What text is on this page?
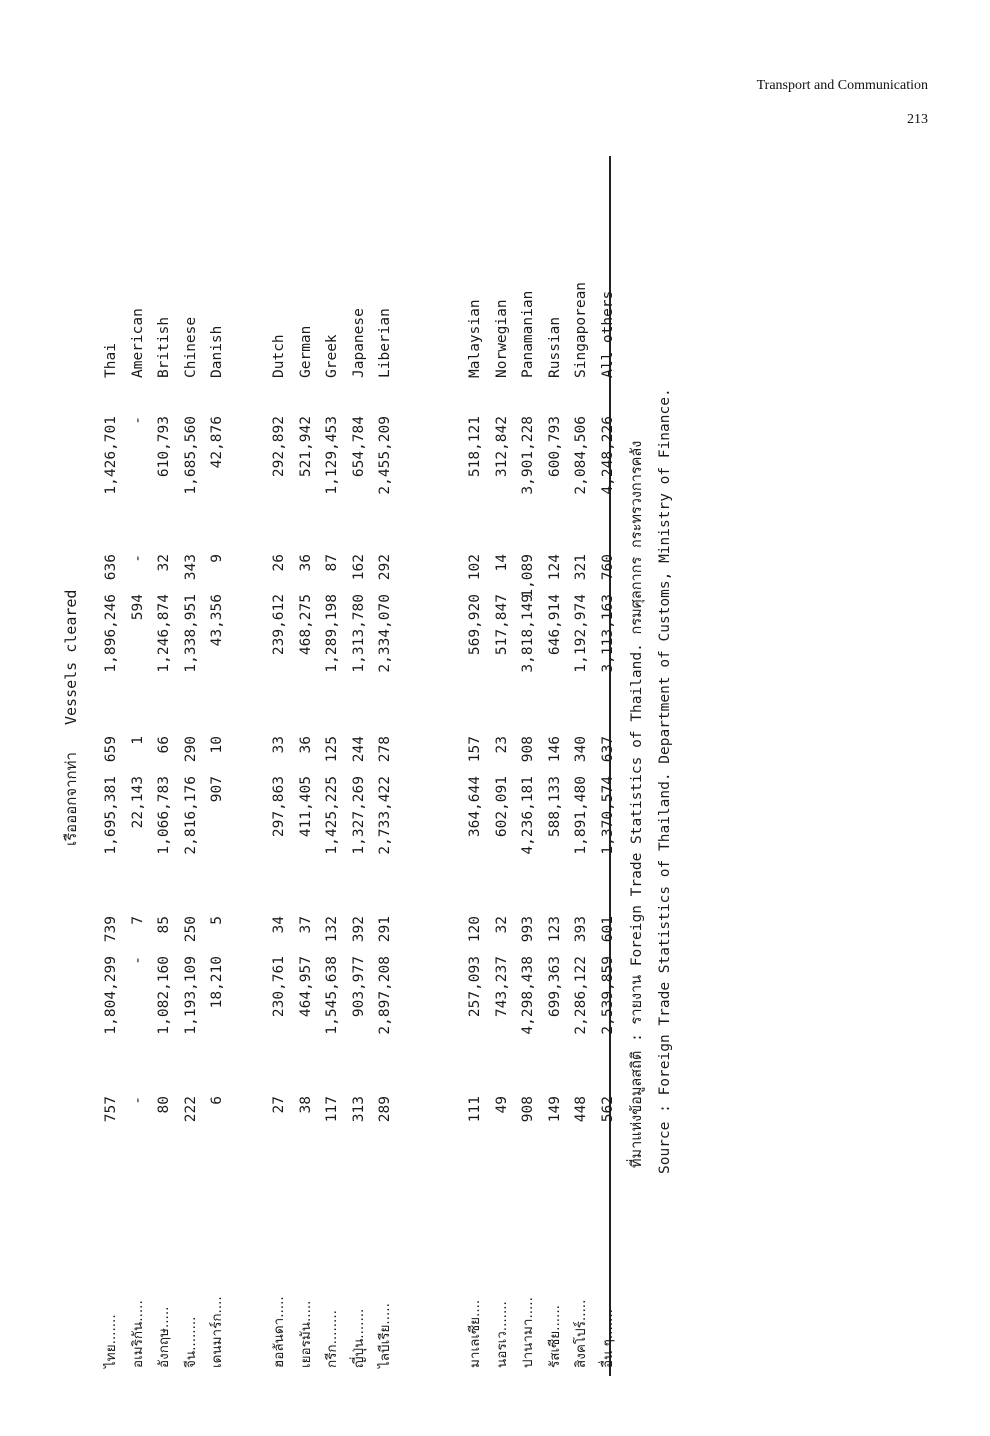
Transport and Communication
213
เรือออกจากท่า   Vessels cleared	ที่มาแห่งข้อมูลสถิติ : รายงาน Foreign Trade Statistics of Thailand. กรมศุลกากร กระทรวงการคลัง Source : Foreign Trade Statistics of Thailand. Department of Customs, Ministry of Finance.
ไทย.......
757
1,804,299
739
1,695,381
659
1,896,246
636
1,426,701
Thai
อเมริกัน.....
-
-
7
22,143
1
594
-
-
American
อังกฤษ.....
80
1,082,160
85
1,066,783
66
1,246,874
32
610,793
British
จีน........
222
1,193,109
250
2,816,176
290
1,338,951
343
1,685,560
Chinese
เดนมาร์ก....
6
18,210
5
907
10
43,356
9
42,876
Danish
ฮอลันดา.....
27
230,761
34
297,863
33
239,612
26
292,892
Dutch
เยอรมัน.....
38
464,957
37
411,405
36
468,275
36
521,942
German
กรีก........
117
1,545,638
132
1,425,225
125
1,289,198
87
1,129,453
Greek
ญี่ปุ่น.......
313
903,977
392
1,327,269
244
1,313,780
162
654,784
Japanese
ไลบีเรีย.....
289
2,897,208
291
2,733,422
278
2,334,070
292
2,455,209
Liberian
มาเลเซีย....
111
257,093
120
364,644
157
569,920
102
518,121
Malaysian
นอรเว.......
49
743,237
32
602,091
23
517,847
14
312,842
Norwegian
ปานามา.....
908
4,298,438
993
4,236,181
908
3,818,149
1,089
3,901,228
Panamanian
รัสเซีย......
149
699,363
123
588,133
146
646,914
124
600,793
Russian
สิงคโปร์.....
448
2,286,122
393
1,891,480
340
1,192,974
321
2,084,506
Singaporean
อื่น ๆ.......
562
2,539,859
601
1,370,574
637
3,113,163
760
4,248,226
All others
